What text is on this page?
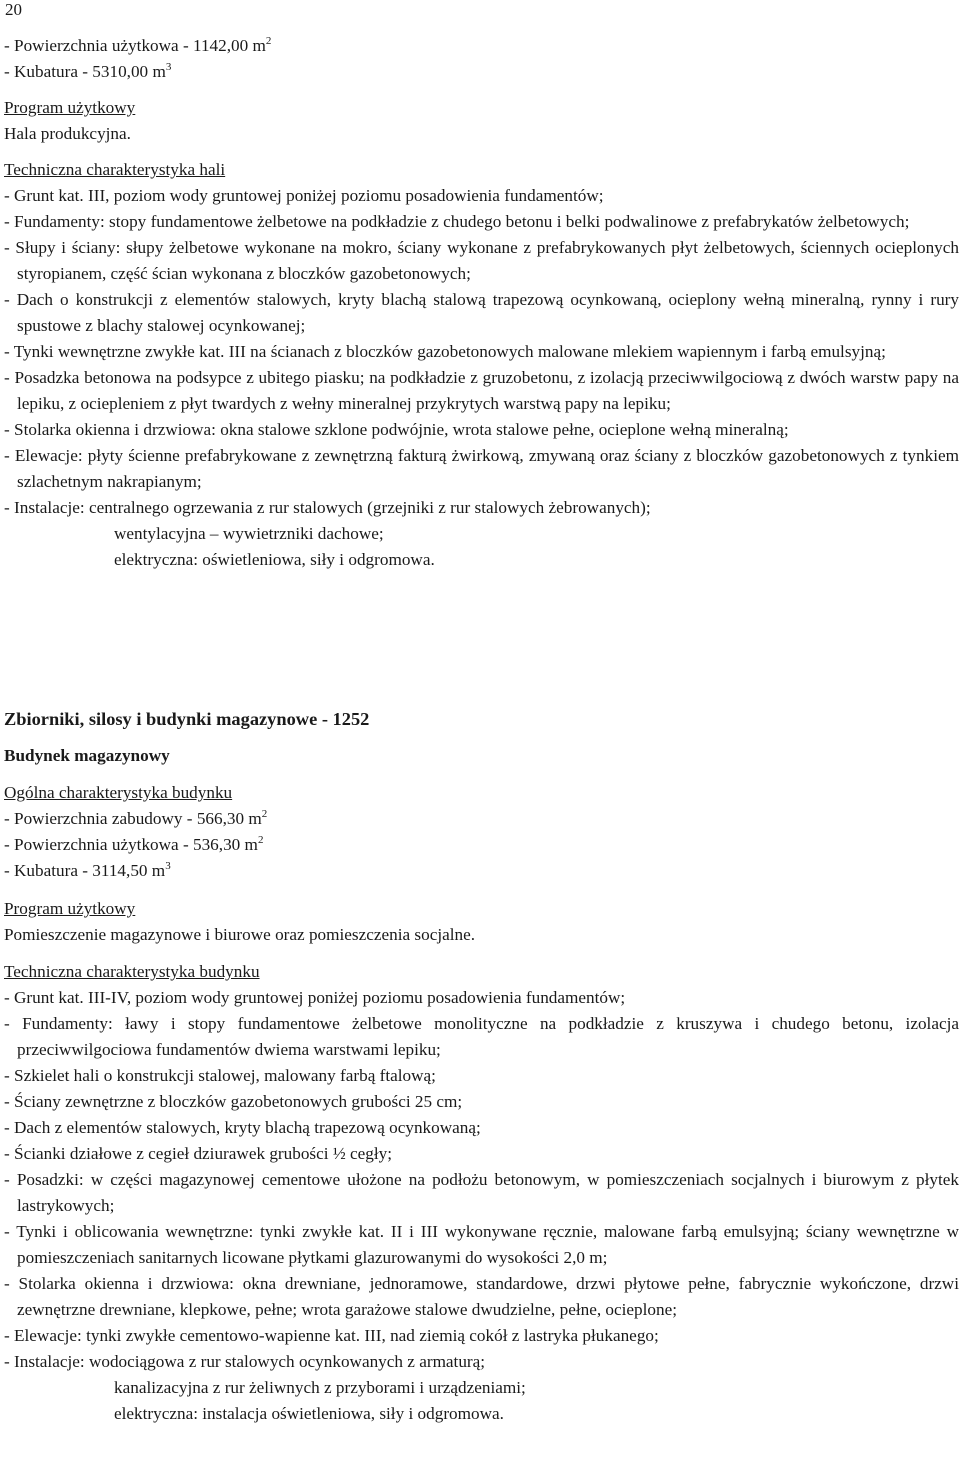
20
- Powierzchnia użytkowa - 1142,00 $m^2$
- Kubatura - 5310,00 $m^3$
Program użytkowy
Hala produkcyjna.
Techniczna charakterystyka hali
- Grunt kat. III, poziom wody gruntowej poniżej poziomu posadowienia fundamentów;
- Fundamenty: stopy fundamentowe żelbetowe na podkładzie z chudego betonu i belki podwalinowe z prefabrykatów żelbetowych;
- Słupy i ściany: słupy żelbetowe wykonane na mokro, ściany wykonane z prefabrykowanych płyt żelbetowych, ściennych ocieplonych styropianem, część ścian wykonana z bloczków gazobetonowych;
- Dach o konstrukcji z elementów stalowych, kryty blachą stalową trapezową ocynkowaną, ocieplony wełną mineralną, rynny i rury spustowe z blachy stalowej ocynkowanej;
- Tynki wewnętrzne zwykłe kat. III na ścianach z bloczków gazobetonowych malowane mlekiem wapiennym i farbą emulsyjną;
- Posadzka betonowa na podsypce z ubitego piasku; na podkładzie z gruzobetonu, z izolacją przeciwwilgociową z dwóch warstw papy na lepiku, z ociepleniem z płyt twardych z wełny mineralnej przykrytych warstwą papy na lepiku;
- Stolarka okienna i drzwiowa: okna stalowe szklone podwójnie, wrota stalowe pełne, ocieplone wełną mineralną;
- Elewacje: płyty ścienne prefabrykowane z zewnętrzną fakturą żwirkową, zmywaną oraz ściany z bloczków gazobetonowych z tynkiem szlachetnym nakrapianym;
- Instalacje: centralnego ogrzewania z rur stalowych (grzejniki z rur stalowych żebrowanych);
wentylacyjna – wywietrzniki dachowe;
elektryczna: oświetleniowa, siły i odgromowa.
Zbiorniki, silosy i budynki magazynowe - 1252
Budynek magazynowy
Ogólna charakterystyka budynku
- Powierzchnia zabudowy - 566,30 $m^2$
- Powierzchnia użytkowa - 536,30 $m^2$
- Kubatura - 3114,50 $m^3$
Program użytkowy
Pomieszczenie magazynowe i biurowe oraz pomieszczenia socjalne.
Techniczna charakterystyka budynku
- Grunt kat. III-IV, poziom wody gruntowej poniżej poziomu posadowienia fundamentów;
- Fundamenty: ławy i stopy fundamentowe żelbetowe monolityczne na podkładzie z kruszywa i chudego betonu, izolacja przeciwwilgociowa fundamentów dwiema warstwami lepiku;
- Szkielet hali o konstrukcji stalowej, malowany farbą ftalową;
- Ściany zewnętrzne z bloczków gazobetonowych grubości 25 cm;
- Dach z elementów stalowych, kryty blachą trapezową ocynkowaną;
- Ścianki działowe z cegieł dziurawek grubości ½ cegły;
- Posadzki: w części magazynowej cementowe ułożone na podłożu betonowym, w pomieszczeniach socjalnych i biurowym z płytek lastrykowych;
- Tynki i oblicowania wewnętrzne: tynki zwykłe kat. II i III wykonywane ręcznie, malowane farbą emulsyjną; ściany wewnętrzne w pomieszczeniach sanitarnych licowane płytkami glazurowanymi do wysokości 2,0 m;
- Stolarka okienna i drzwiowa: okna drewniane, jednoramowe, standardowe, drzwi płytowe pełne, fabrycznie wykończone, drzwi zewnętrzne drewniane, klepkowe, pełne; wrota garażowe stalowe dwudzielne, pełne, ocieplone;
- Elewacje: tynki zwykłe cementowo-wapienne kat. III, nad ziemią cokół z lastryka płukanego;
- Instalacje: wodociągowa z rur stalowych ocynkowanych z armaturą;
kanalizacyjna z rur żeliwnych z przyborami i urządzeniami;
elektryczna: instalacja oświetleniowa, siły i odgromowa.
